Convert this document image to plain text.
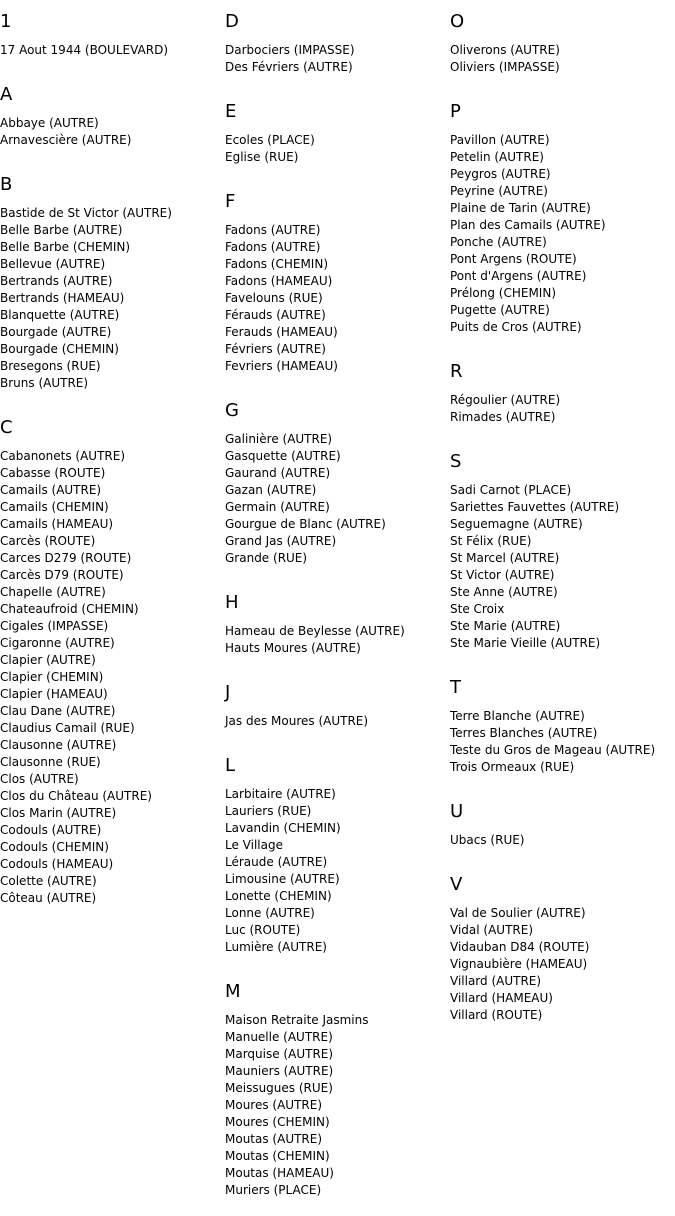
1
17 Aout 1944 (BOULEVARD)
A
Abbaye (AUTRE)
Arnavescière (AUTRE)
B
Bastide de St Victor (AUTRE)
Belle Barbe (AUTRE)
Belle Barbe (CHEMIN)
Bellevue (AUTRE)
Bertrands (AUTRE)
Bertrands (HAMEAU)
Blanquette (AUTRE)
Bourgade (AUTRE)
Bourgade (CHEMIN)
Bresegons (RUE)
Bruns (AUTRE)
C
Cabanonets (AUTRE)
Cabasse (ROUTE)
Camails (AUTRE)
Camails (CHEMIN)
Camails (HAMEAU)
Carcès (ROUTE)
Carces D279 (ROUTE)
Carcès D79 (ROUTE)
Chapelle (AUTRE)
Chateaufroid (CHEMIN)
Cigales (IMPASSE)
Cigaronne (AUTRE)
Clapier (AUTRE)
Clapier (CHEMIN)
Clapier (HAMEAU)
Clau Dane (AUTRE)
Claudius Camail (RUE)
Clausonne (AUTRE)
Clausonne (RUE)
Clos (AUTRE)
Clos du Château (AUTRE)
Clos Marin (AUTRE)
Codouls (AUTRE)
Codouls (CHEMIN)
Codouls (HAMEAU)
Colette (AUTRE)
Côteau (AUTRE)
D
Darbociers (IMPASSE)
Des Févriers (AUTRE)
E
Ecoles (PLACE)
Eglise (RUE)
F
Fadons (AUTRE)
Fadons (AUTRE)
Fadons (CHEMIN)
Fadons (HAMEAU)
Favelouns (RUE)
Férauds (AUTRE)
Ferauds (HAMEAU)
Févriers (AUTRE)
Fevriers (HAMEAU)
G
Galinière (AUTRE)
Gasquette (AUTRE)
Gaurand (AUTRE)
Gazan (AUTRE)
Germain (AUTRE)
Gourgue de Blanc (AUTRE)
Grand Jas (AUTRE)
Grande (RUE)
H
Hameau de Beylesse (AUTRE)
Hauts Moures (AUTRE)
J
Jas des Moures (AUTRE)
L
Larbitaire (AUTRE)
Lauriers (RUE)
Lavandin (CHEMIN)
Le Village
Léraude (AUTRE)
Limousine (AUTRE)
Lonette (CHEMIN)
Lonne (AUTRE)
Luc (ROUTE)
Lumière (AUTRE)
M
Maison Retraite Jasmins
Manuelle (AUTRE)
Marquise (AUTRE)
Mauniers (AUTRE)
Meissugues (RUE)
Moures (AUTRE)
Moures (CHEMIN)
Moutas (AUTRE)
Moutas (CHEMIN)
Moutas (HAMEAU)
Muriers (PLACE)
O
Oliverons (AUTRE)
Oliviers (IMPASSE)
P
Pavillon (AUTRE)
Petelin (AUTRE)
Peygros (AUTRE)
Peyrine (AUTRE)
Plaine de Tarin (AUTRE)
Plan des Camails (AUTRE)
Ponche (AUTRE)
Pont Argens (ROUTE)
Pont d'Argens (AUTRE)
Prélong (CHEMIN)
Pugette (AUTRE)
Puits de Cros (AUTRE)
R
Régoulier (AUTRE)
Rimades (AUTRE)
S
Sadi Carnot (PLACE)
Sariettes Fauvettes (AUTRE)
Seguemagne (AUTRE)
St Félix (RUE)
St Marcel (AUTRE)
St Victor (AUTRE)
Ste Anne (AUTRE)
Ste Croix
Ste Marie (AUTRE)
Ste Marie Vieille (AUTRE)
T
Terre Blanche (AUTRE)
Terres Blanches (AUTRE)
Teste du Gros de Mageau (AUTRE)
Trois Ormeaux (RUE)
U
Ubacs (RUE)
V
Val de Soulier (AUTRE)
Vidal (AUTRE)
Vidauban D84 (ROUTE)
Vignaubière (HAMEAU)
Villard (AUTRE)
Villard (HAMEAU)
Villard (ROUTE)
